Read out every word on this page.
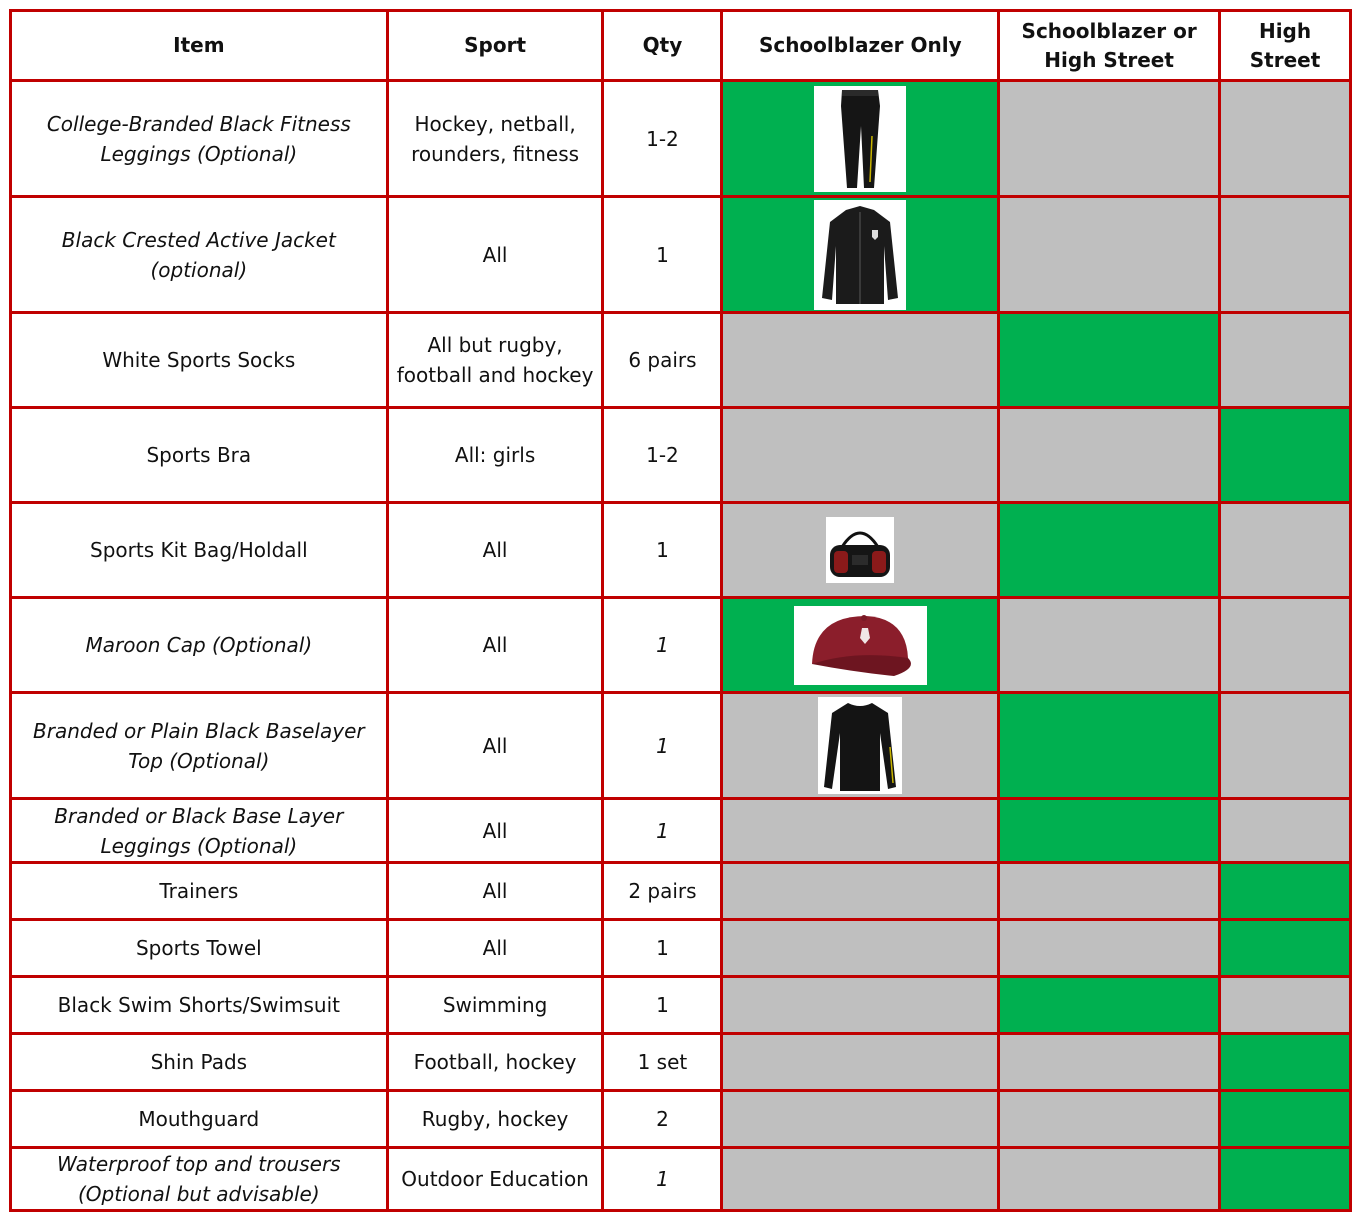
Item	Sport	Qty	Schoolblazer Only	Schoolblazer or High Street	High Street
College-Branded Black Fitness Leggings (Optional)	Hockey, netball, rounders, fitness	1-2	

Black Crested Active Jacket (optional)	All	1	

White Sports Socks	All but rugby, football and hockey	6 pairs			
Sports Bra	All: girls	1-2			
Sports Kit Bag/Holdall	All	1	

Maroon Cap (Optional)	All	1	

Branded or Plain Black Baselayer Top (Optional)	All	1	

Branded or Black Base Layer Leggings (Optional)	All	1			
Trainers	All	2 pairs			
Sports Towel	All	1			
Black Swim Shorts/Swimsuit	Swimming	1			
Shin Pads	Football, hockey	1 set			
Mouthguard	Rugby, hockey	2			
Waterproof top and trousers (Optional but advisable)	Outdoor Education	1			
